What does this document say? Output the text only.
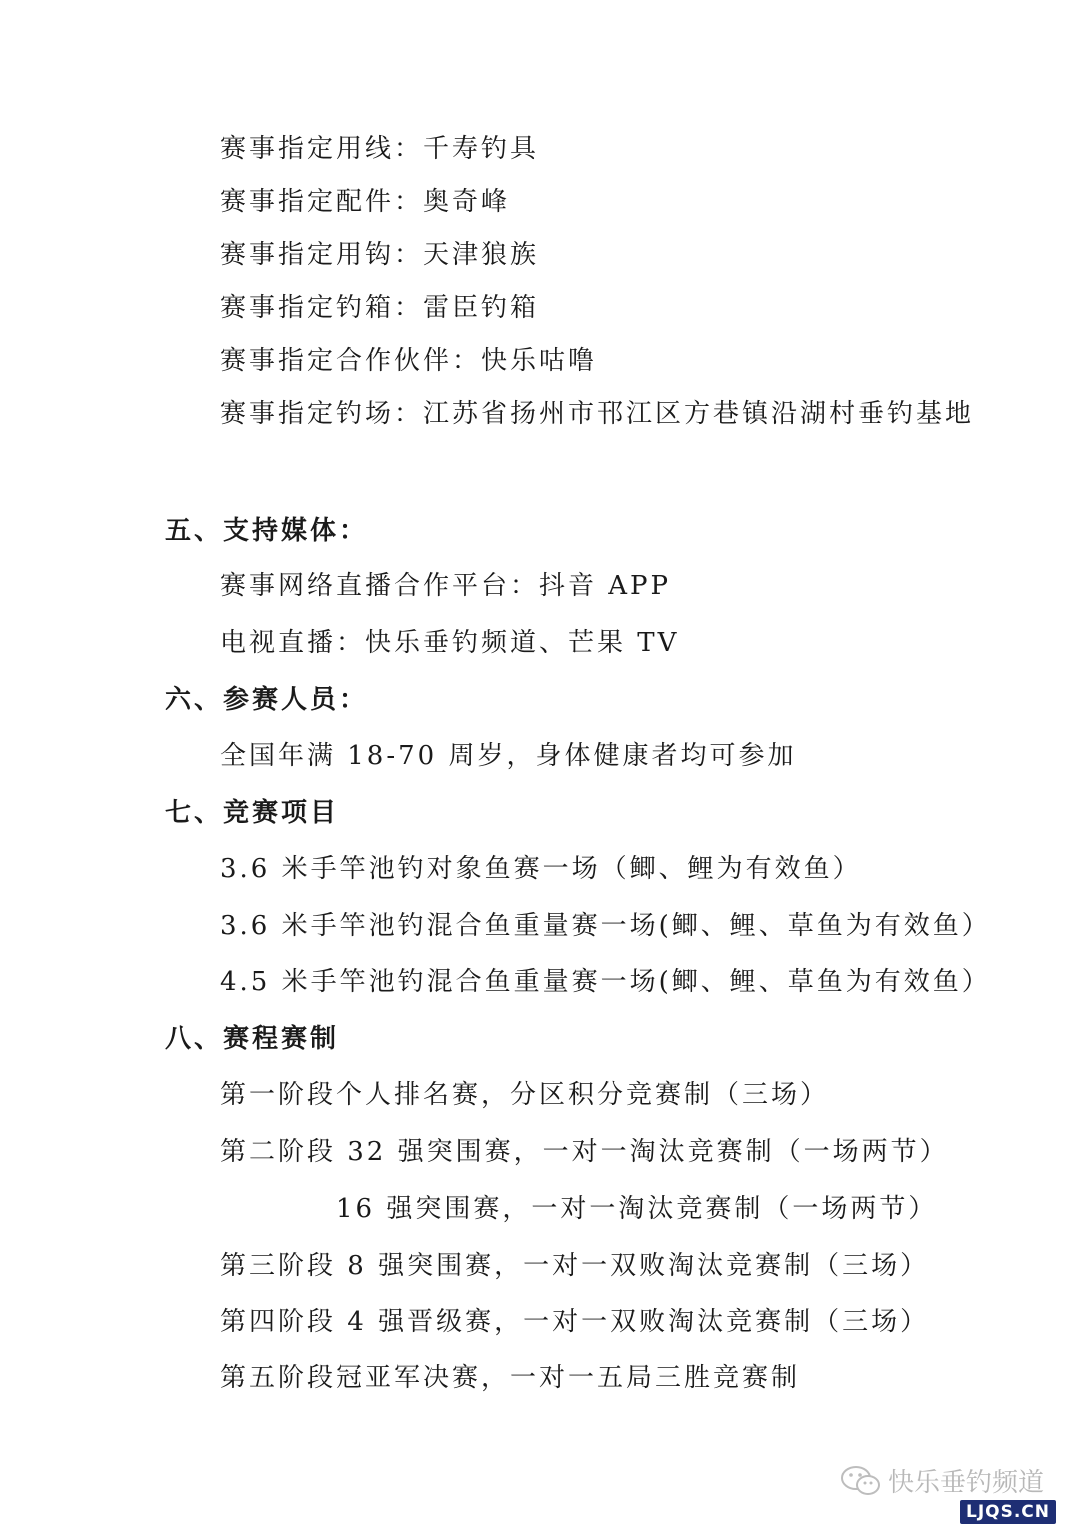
赛事指定用线：千寿钓具
赛事指定配件：奥奇峰
赛事指定用钩：天津狼族
赛事指定钓箱：雷臣钓箱
赛事指定合作伙伴：快乐咕噜
赛事指定钓场：江苏省扬州市邗江区方巷镇沿湖村垂钓基地
五、支持媒体：
赛事网络直播合作平台：抖音 APP
电视直播：快乐垂钓频道、芒果 TV
六、参赛人员：
全国年满 18-70 周岁，身体健康者均可参加
七、竞赛项目
3.6 米手竿池钓对象鱼赛一场（鲫、鲤为有效鱼）
3.6 米手竿池钓混合鱼重量赛一场(鲫、鲤、草鱼为有效鱼）
4.5 米手竿池钓混合鱼重量赛一场(鲫、鲤、草鱼为有效鱼）
八、赛程赛制
第一阶段个人排名赛，分区积分竞赛制（三场）
第二阶段 32 强突围赛，一对一淘汰竞赛制（一场两节）
16 强突围赛，一对一淘汰竞赛制（一场两节）
第三阶段 8 强突围赛，一对一双败淘汰竞赛制（三场）
第四阶段 4 强晋级赛，一对一双败淘汰竞赛制（三场）
第五阶段冠亚军决赛，一对一五局三胜竞赛制
快乐垂钓频道
LJQS.CN
